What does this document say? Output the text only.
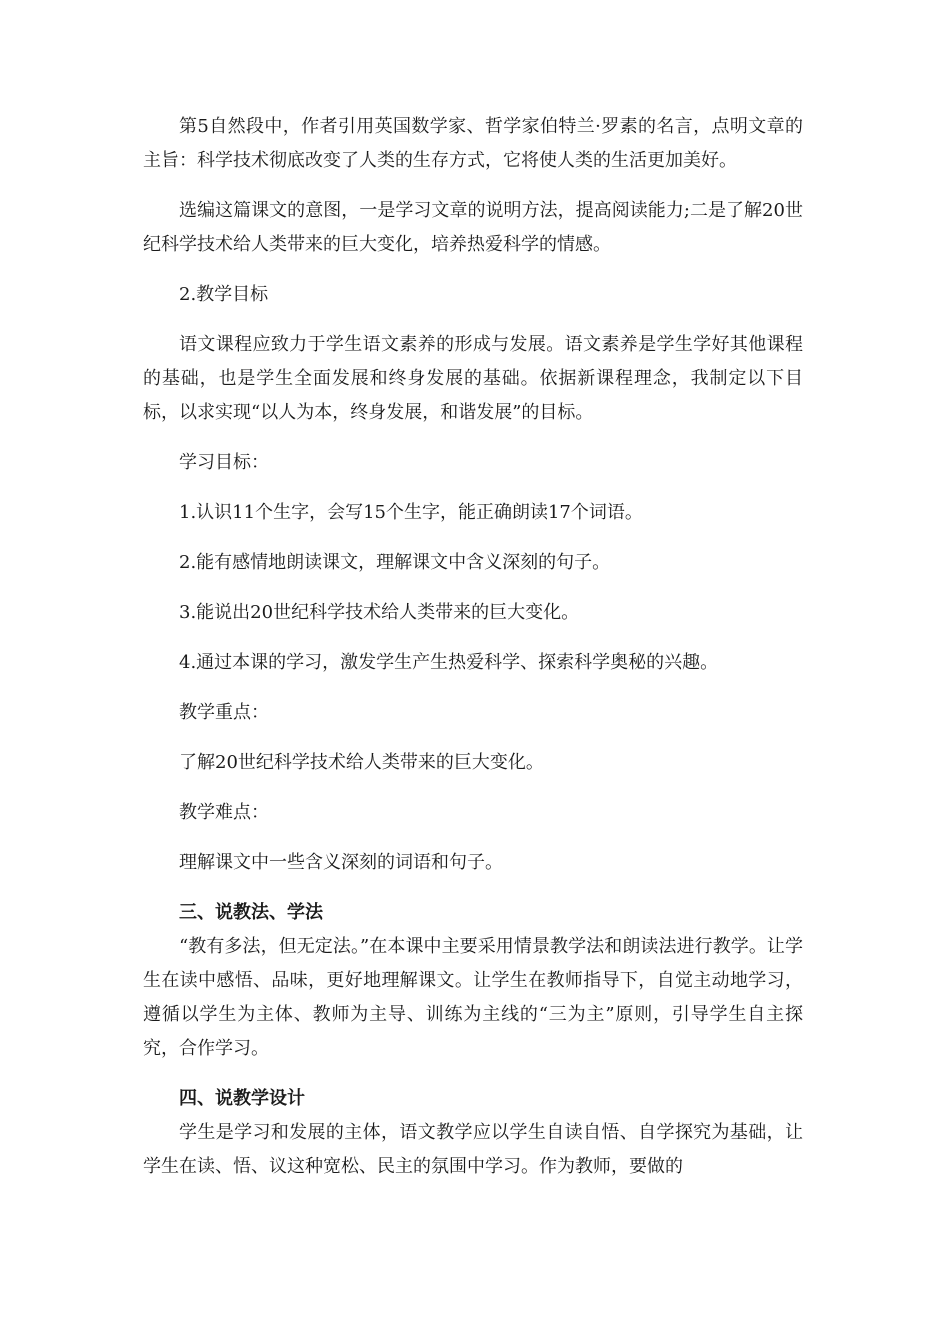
第5自然段中，作者引用英国数学家、哲学家伯特兰·罗素的名言，点明文章的主旨：科学技术彻底改变了人类的生存方式，它将使人类的生活更加美好。

选编这篇课文的意图，一是学习文章的说明方法，提高阅读能力;二是了解20世纪科学技术给人类带来的巨大变化，培养热爱科学的情感。

2.教学目标

语文课程应致力于学生语文素养的形成与发展。语文素养是学生学好其他课程的基础，也是学生全面发展和终身发展的基础。依据新课程理念，我制定以下目标，以求实现“以人为本，终身发展，和谐发展”的目标。

学习目标：

1.认识11个生字，会写15个生字，能正确朗读17个词语。

2.能有感情地朗读课文，理解课文中含义深刻的句子。

3.能说出20世纪科学技术给人类带来的巨大变化。

4.通过本课的学习，激发学生产生热爱科学、探索科学奥秘的兴趣。

教学重点：

了解20世纪科学技术给人类带来的巨大变化。

教学难点：

理解课文中一些含义深刻的词语和句子。

三、说教法、学法

“教有多法，但无定法。”在本课中主要采用情景教学法和朗读法进行教学。让学生在读中感悟、品味，更好地理解课文。让学生在教师指导下，自觉主动地学习，遵循以学生为主体、教师为主导、训练为主线的“三为主”原则，引导学生自主探究，合作学习。

四、说教学设计

学生是学习和发展的主体，语文教学应以学生自读自悟、自学探究为基础，让学生在读、悟、议这种宽松、民主的氛围中学习。作为教师，要做的
